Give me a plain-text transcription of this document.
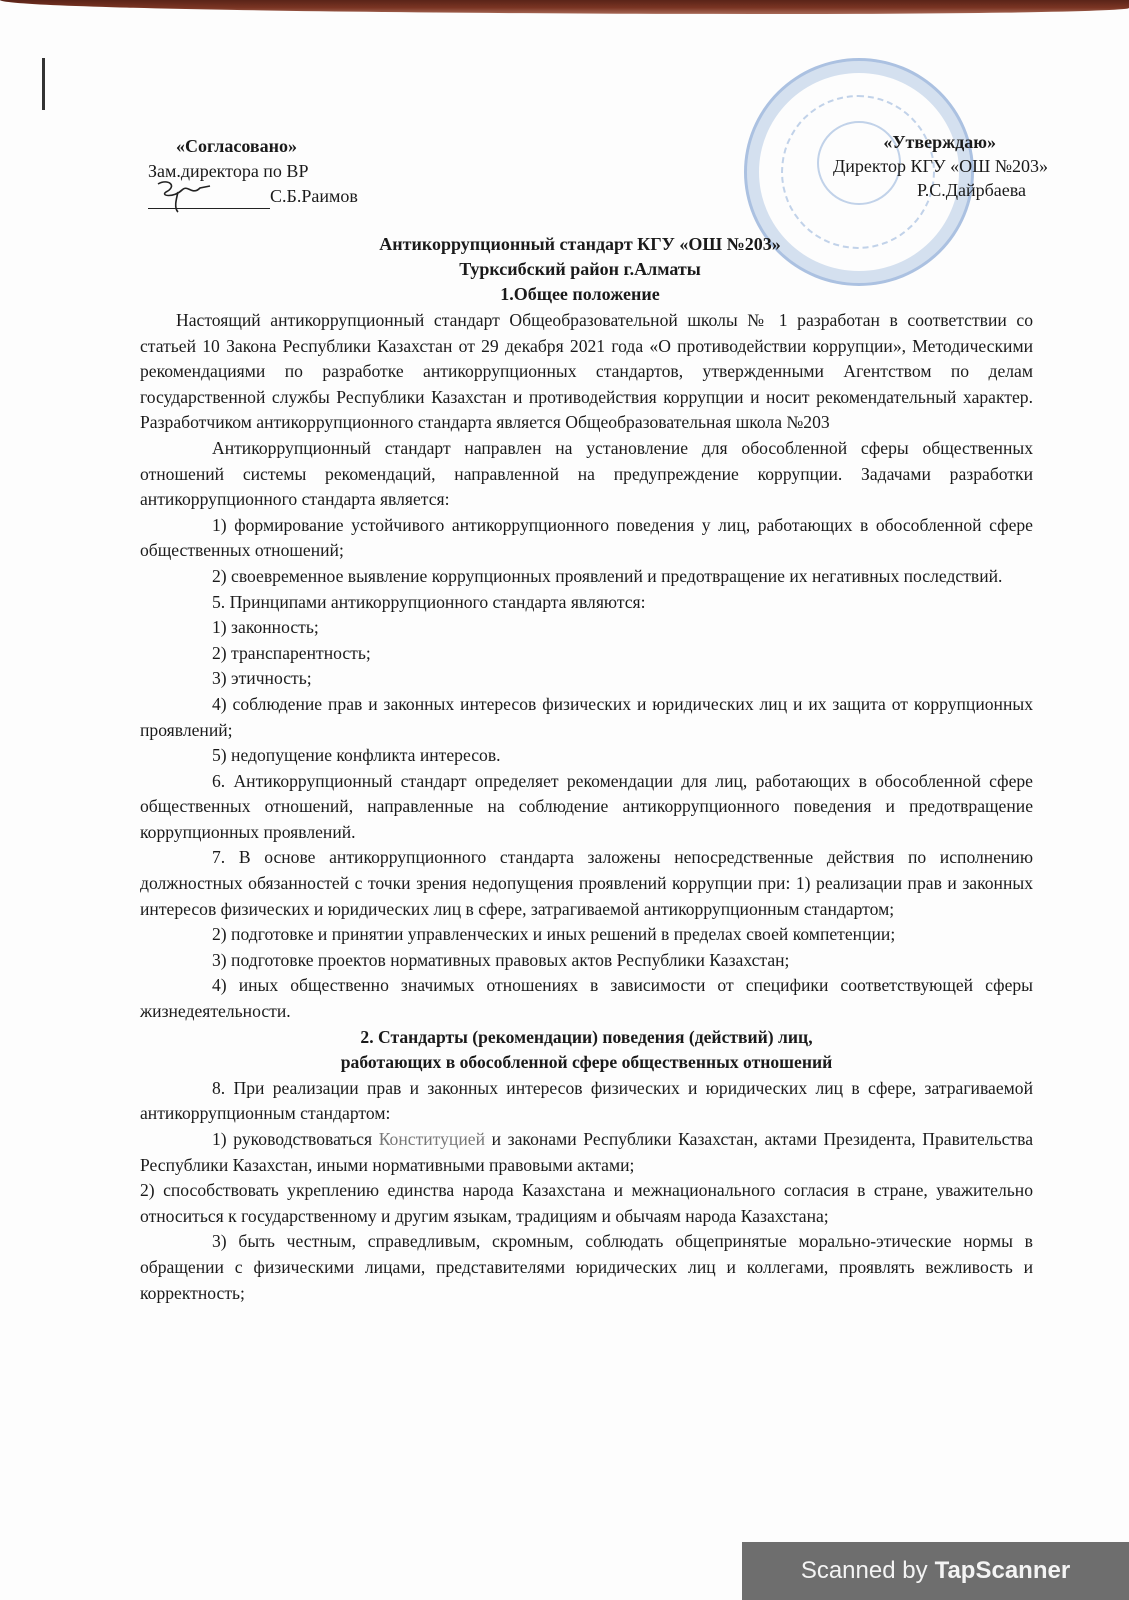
«Согласовано»
Зам.директора по ВР
С.Б.Раимов
«Утверждаю»
Директор КГУ «ОШ №203»
Р.С.Дайрбаева
Антикоррупционный стандарт КГУ «ОШ №203»
Турксибский район г.Алматы
1.Общее положение

Настоящий антикоррупционный стандарт Общеобразовательной школы № 1 разработан в соответствии со статьей 10 Закона Республики Казахстан от 29 декабря 2021 года «О противодействии коррупции», Методическими рекомендациями по разработке антикоррупционных стандартов, утвержденными Агентством по делам государственной службы Республики Казахстан и противодействия коррупции и носит рекомендательный характер. Разработчиком антикоррупционного стандарта является Общеобразовательная школа №203

Антикоррупционный стандарт направлен на установление для обособленной сферы общественных отношений системы рекомендаций, направленной на предупреждение коррупции. Задачами разработки антикоррупционного стандарта является:

1) формирование устойчивого антикоррупционного поведения у лиц, работающих в обособленной сфере общественных отношений;

2) своевременное выявление коррупционных проявлений и предотвращение их негативных последствий.

5. Принципами антикоррупционного стандарта являются:

1) законность;

2) транспарентность;

3) этичность;

4) соблюдение прав и законных интересов физических и юридических лиц и их защита от коррупционных проявлений;

5) недопущение конфликта интересов.

6. Антикоррупционный стандарт определяет рекомендации для лиц, работающих в обособленной сфере общественных отношений, направленные на соблюдение антикоррупционного поведения и предотвращение коррупционных проявлений.

7. В основе антикоррупционного стандарта заложены непосредственные действия по исполнению должностных обязанностей с точки зрения недопущения проявлений коррупции при: 1) реализации прав и законных интересов физических и юридических лиц в сфере, затрагиваемой антикоррупционным стандартом;

2) подготовке и принятии управленческих и иных решений в пределах своей компетенции;

3) подготовке проектов нормативных правовых актов Республики Казахстан;

4) иных общественно значимых отношениях в зависимости от специфики соответствующей сферы жизнедеятельности.

2. Стандарты (рекомендации) поведения (действий) лиц,

работающих в обособленной сфере общественных отношений

8. При реализации прав и законных интересов физических и юридических лиц в сфере, затрагиваемой антикоррупционным стандартом:

1) руководствоваться Конституцией и законами Республики Казахстан, актами Президента, Правительства Республики Казахстан, иными нормативными правовыми актами;

2) способствовать укреплению единства народа Казахстана и межнационального согласия в стране, уважительно относиться к государственному и другим языкам, традициям и обычаям народа Казахстана;

3) быть честным, справедливым, скромным, соблюдать общепринятые морально-этические нормы в обращении с физическими лицами, представителями юридических лиц и коллегами, проявлять вежливость и корректность;

Scanned by TapScanner
